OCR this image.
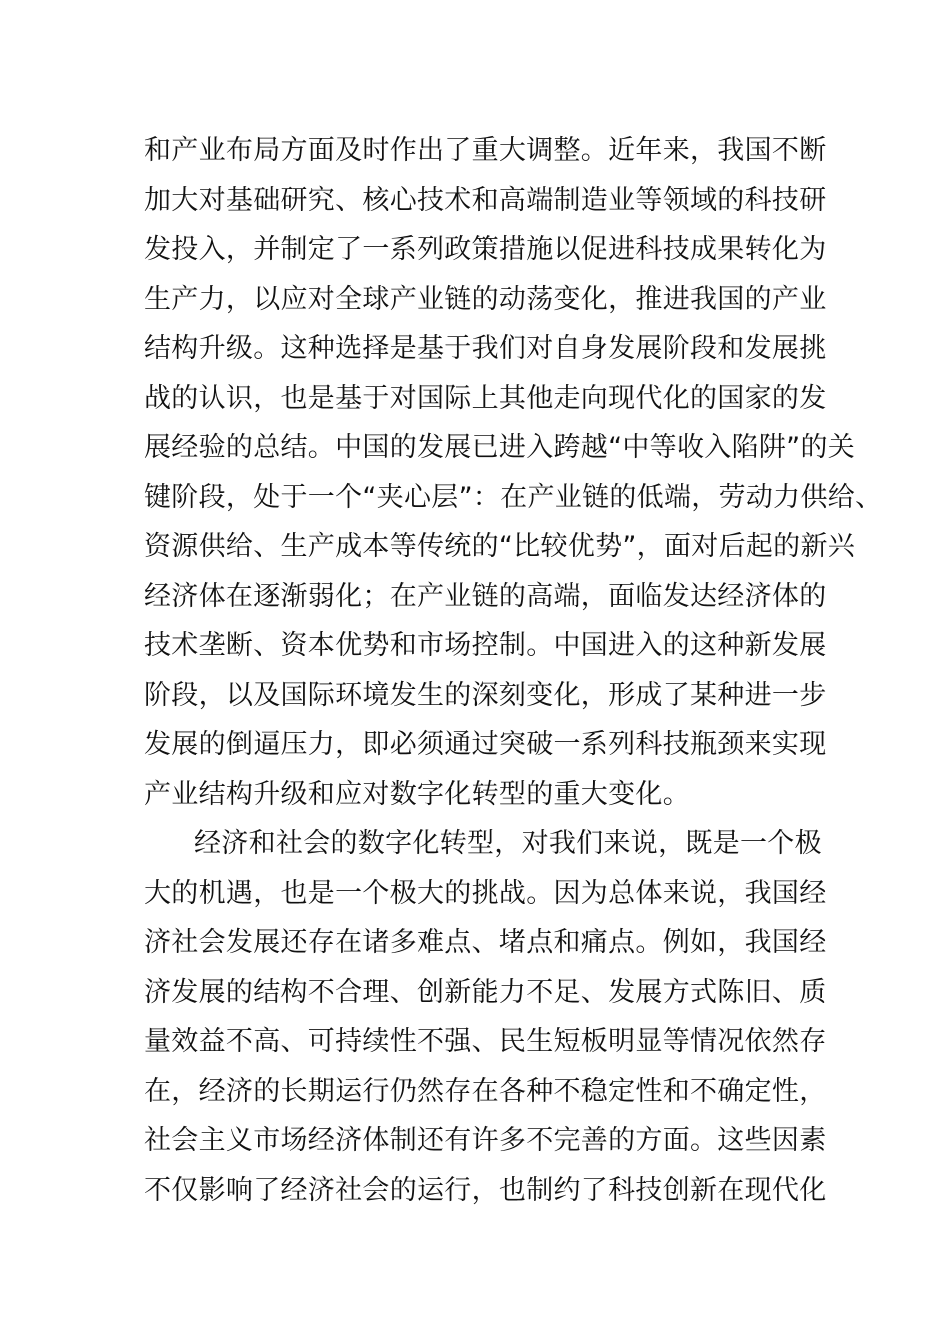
和产业布局方面及时作出了重大调整。近年来，我国不断
加大对基础研究、核心技术和高端制造业等领域的科技研
发投入，并制定了一系列政策措施以促进科技成果转化为
生产力，以应对全球产业链的动荡变化，推进我国的产业
结构升级。这种选择是基于我们对自身发展阶段和发展挑
战的认识，也是基于对国际上其他走向现代化的国家的发
展经验的总结。中国的发展已进入跨越“中等收入陷阱”的关
键阶段，处于一个“夹心层”：在产业链的低端，劳动力供给、
资源供给、生产成本等传统的“比较优势”，面对后起的新兴
经济体在逐渐弱化；在产业链的高端，面临发达经济体的
技术垄断、资本优势和市场控制。中国进入的这种新发展
阶段，以及国际环境发生的深刻变化，形成了某种进一步
发展的倒逼压力，即必须通过突破一系列科技瓶颈来实现
产业结构升级和应对数字化转型的重大变化。
经济和社会的数字化转型，对我们来说，既是一个极
大的机遇，也是一个极大的挑战。因为总体来说，我国经
济社会发展还存在诸多难点、堵点和痛点。例如，我国经
济发展的结构不合理、创新能力不足、发展方式陈旧、质
量效益不高、可持续性不强、民生短板明显等情况依然存
在，经济的长期运行仍然存在各种不稳定性和不确定性，
社会主义市场经济体制还有许多不完善的方面。这些因素
不仅影响了经济社会的运行，也制约了科技创新在现代化
